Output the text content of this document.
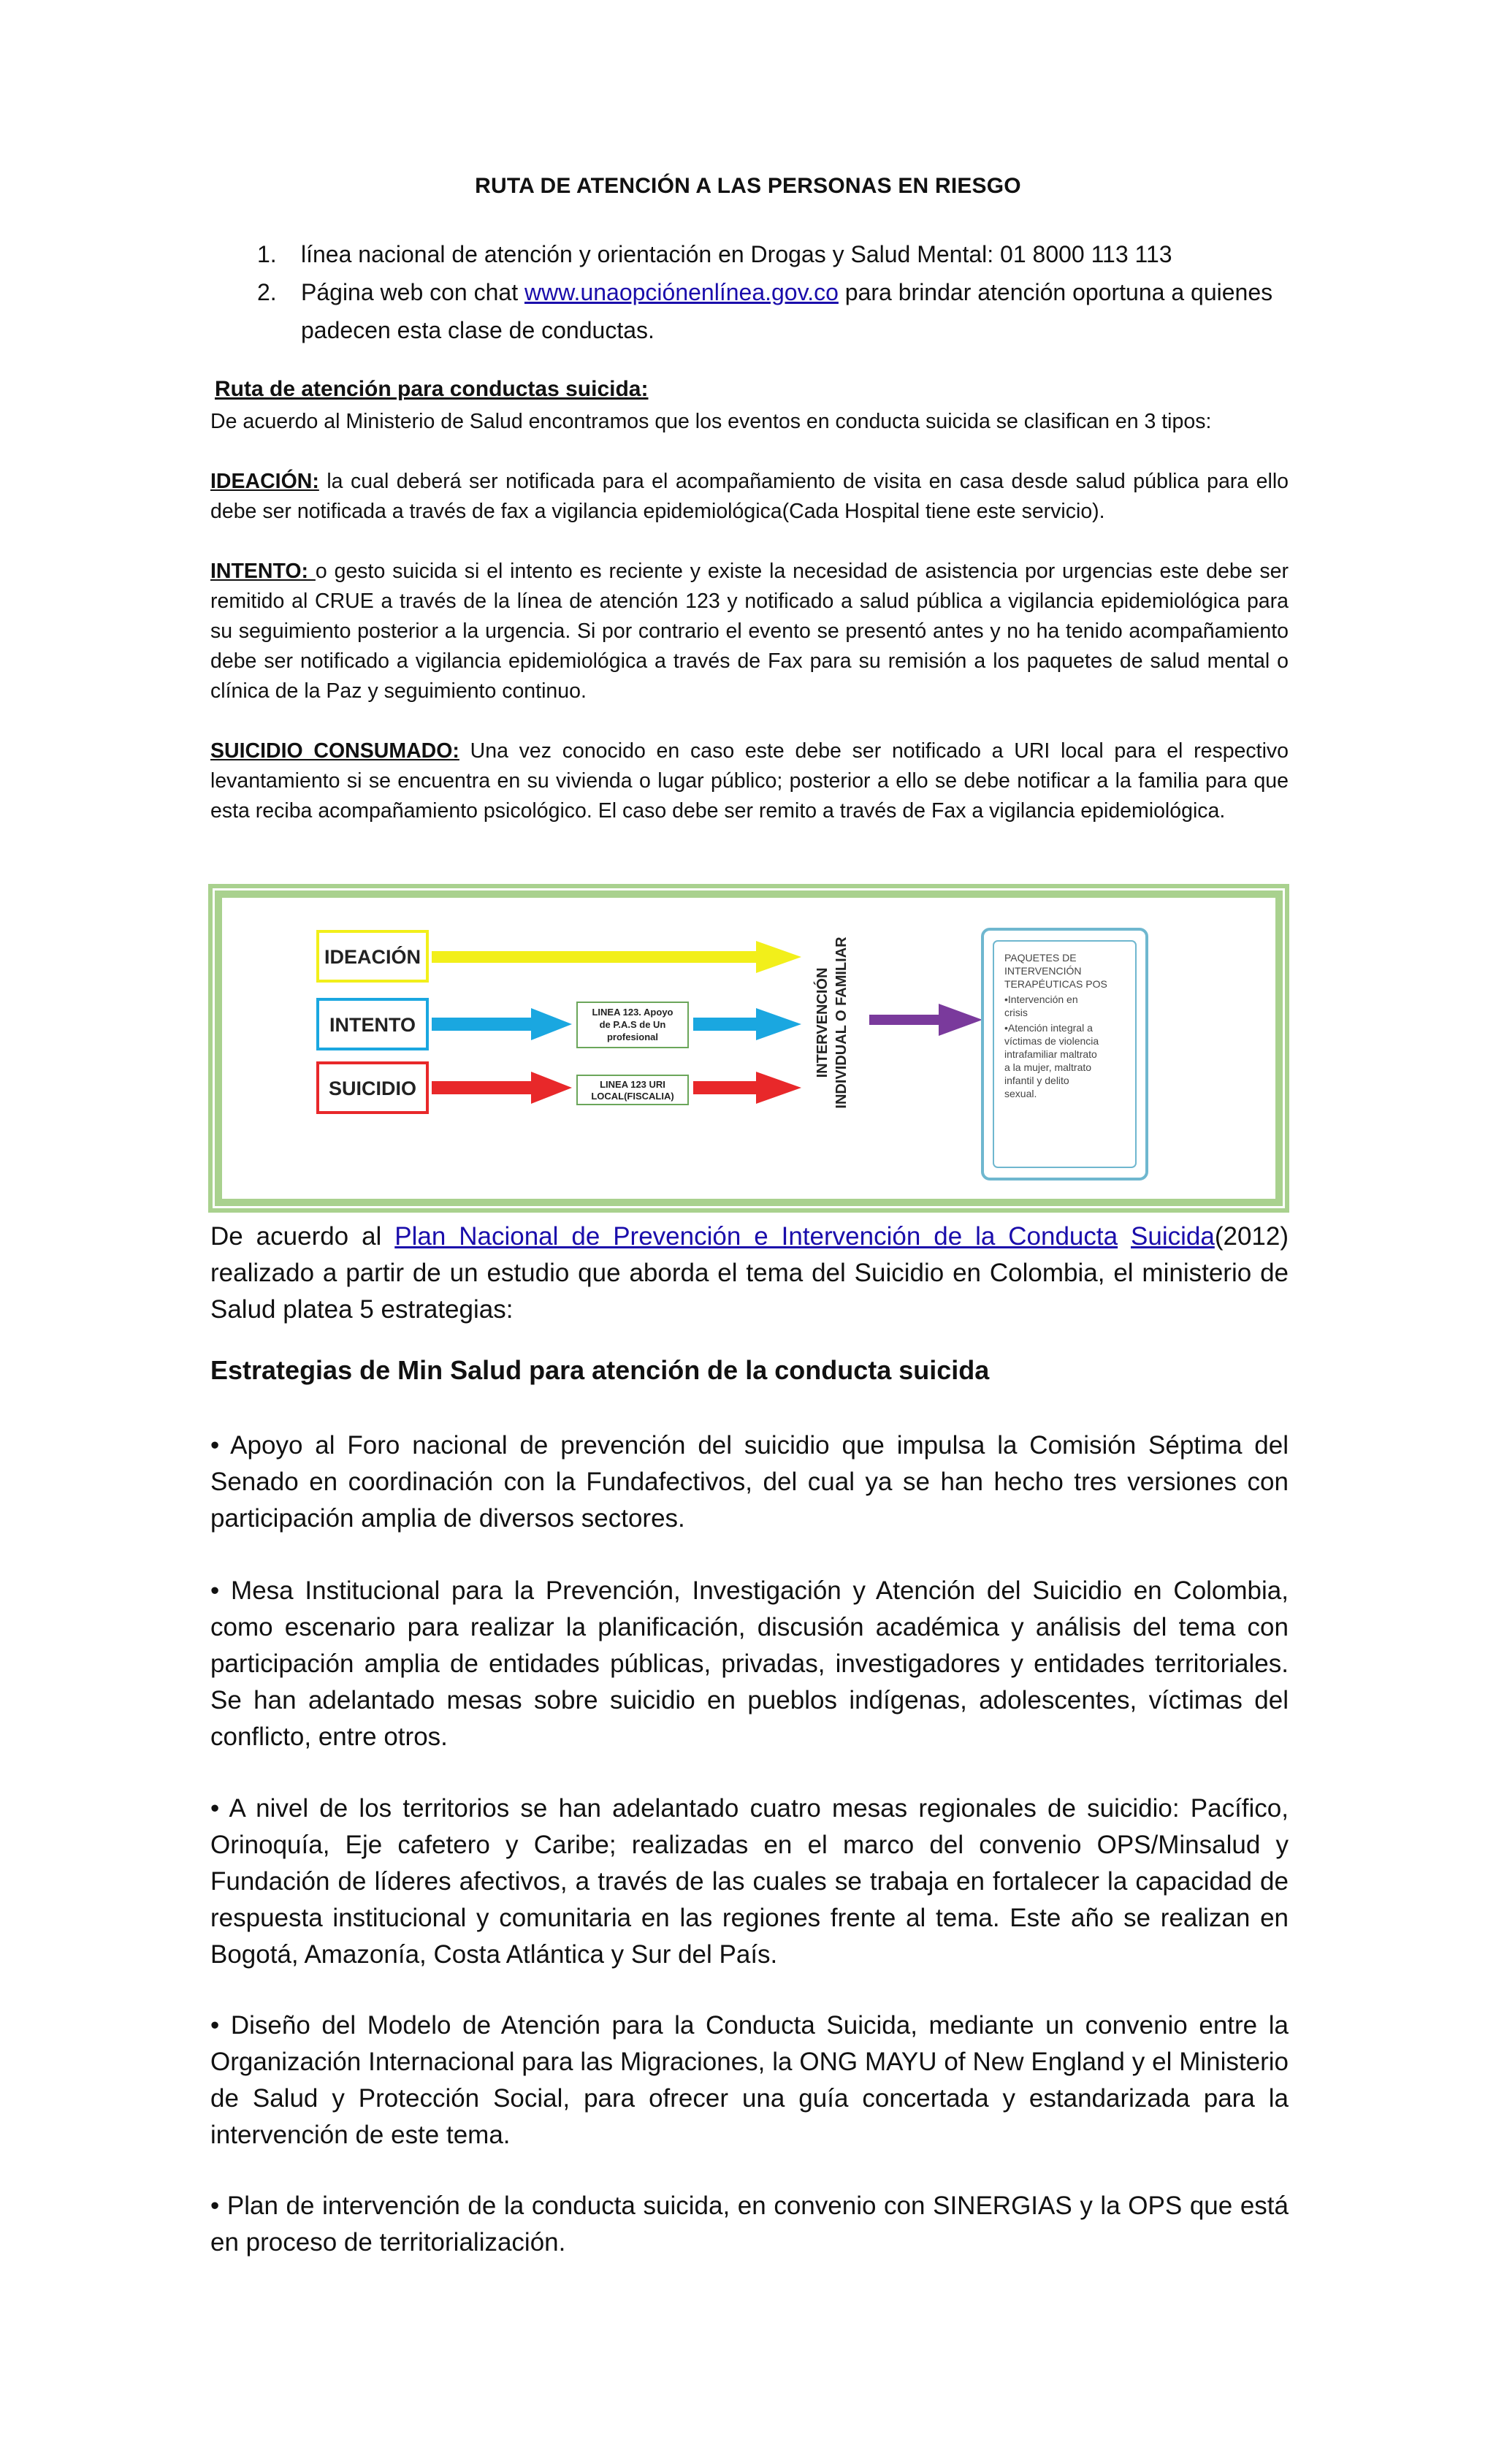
RUTA DE ATENCIÓN A LAS PERSONAS EN RIESGO
1. línea nacional de atención y orientación en Drogas y Salud Mental: 01 8000 113 113
2. Página web con chat www.unaopciónenlínea.gov.co para brindar atención oportuna a quienes padecen esta clase de conductas.
Ruta de atención para conductas suicida:
De acuerdo al Ministerio de Salud encontramos que los eventos en conducta suicida se clasifican en 3 tipos:
IDEACIÓN: la cual deberá ser notificada para el acompañamiento de visita en casa desde salud pública para ello debe ser notificada a través de fax a vigilancia epidemiológica(Cada Hospital tiene este servicio).
INTENTO: o gesto suicida si el intento es reciente y existe la necesidad de asistencia por urgencias este debe ser remitido al CRUE a través de la línea de atención 123 y notificado a salud pública a vigilancia epidemiológica para su seguimiento posterior a la urgencia. Si por contrario el evento se presentó antes y no ha tenido acompañamiento debe ser notificado a vigilancia epidemiológica a través de Fax para su remisión a los paquetes de salud mental o clínica de la Paz y seguimiento continuo.
SUICIDIO CONSUMADO: Una vez conocido en caso este debe ser notificado a URI local para el respectivo levantamiento si se encuentra en su vivienda o lugar público; posterior a ello se debe notificar a la familia para que esta reciba acompañamiento psicológico. El caso debe ser remito a través de Fax a vigilancia epidemiológica.
IDEACIÓN
INTENTO
SUICIDIO
LINEA 123. Apoyo
de P.A.S de Un
profesional
LINEA 123 URI
LOCAL(FISCALIA)
INTERVENCIÓN INDIVIDUAL O FAMILIAR	PAQUETES DE
INTERVENCIÓN
TERAPÉUTICAS POS
•Intervención en
crisis
•Atención integral a
víctimas de violencia
intrafamiliar maltrato
a la mujer, maltrato
infantil y delito
sexual.
De acuerdo al Plan Nacional de Prevención e Intervención de la Conducta Suicida(2012) realizado a partir de un estudio que aborda el tema del Suicidio en Colombia, el ministerio de Salud platea 5 estrategias:
Estrategias de Min Salud para atención de la conducta suicida
• Apoyo al Foro nacional de prevención del suicidio que impulsa la Comisión Séptima del Senado en coordinación con la Fundafectivos, del cual ya se han hecho tres versiones con participación amplia de diversos sectores.
• Mesa Institucional para la Prevención, Investigación y Atención del Suicidio en Colombia, como escenario para realizar la planificación, discusión académica y análisis del tema con participación amplia de entidades públicas, privadas, investigadores y entidades territoriales. Se han adelantado mesas sobre suicidio en pueblos indígenas, adolescentes, víctimas del conflicto, entre otros.
• A nivel de los territorios se han adelantado cuatro mesas regionales de suicidio: Pacífico, Orinoquía, Eje cafetero y Caribe; realizadas en el marco del convenio OPS/Minsalud y Fundación de líderes afectivos, a través de las cuales se trabaja en fortalecer la capacidad de respuesta institucional y comunitaria en las regiones frente al tema. Este año se realizan en Bogotá, Amazonía, Costa Atlántica y Sur del País.
• Diseño del Modelo de Atención para la Conducta Suicida, mediante un convenio entre la Organización Internacional para las Migraciones, la ONG MAYU of New England y el Ministerio de Salud y Protección Social, para ofrecer una guía concertada y estandarizada para la intervención de este tema.
• Plan de intervención de la conducta suicida, en convenio con SINERGIAS y la OPS que está en proceso de territorialización.
